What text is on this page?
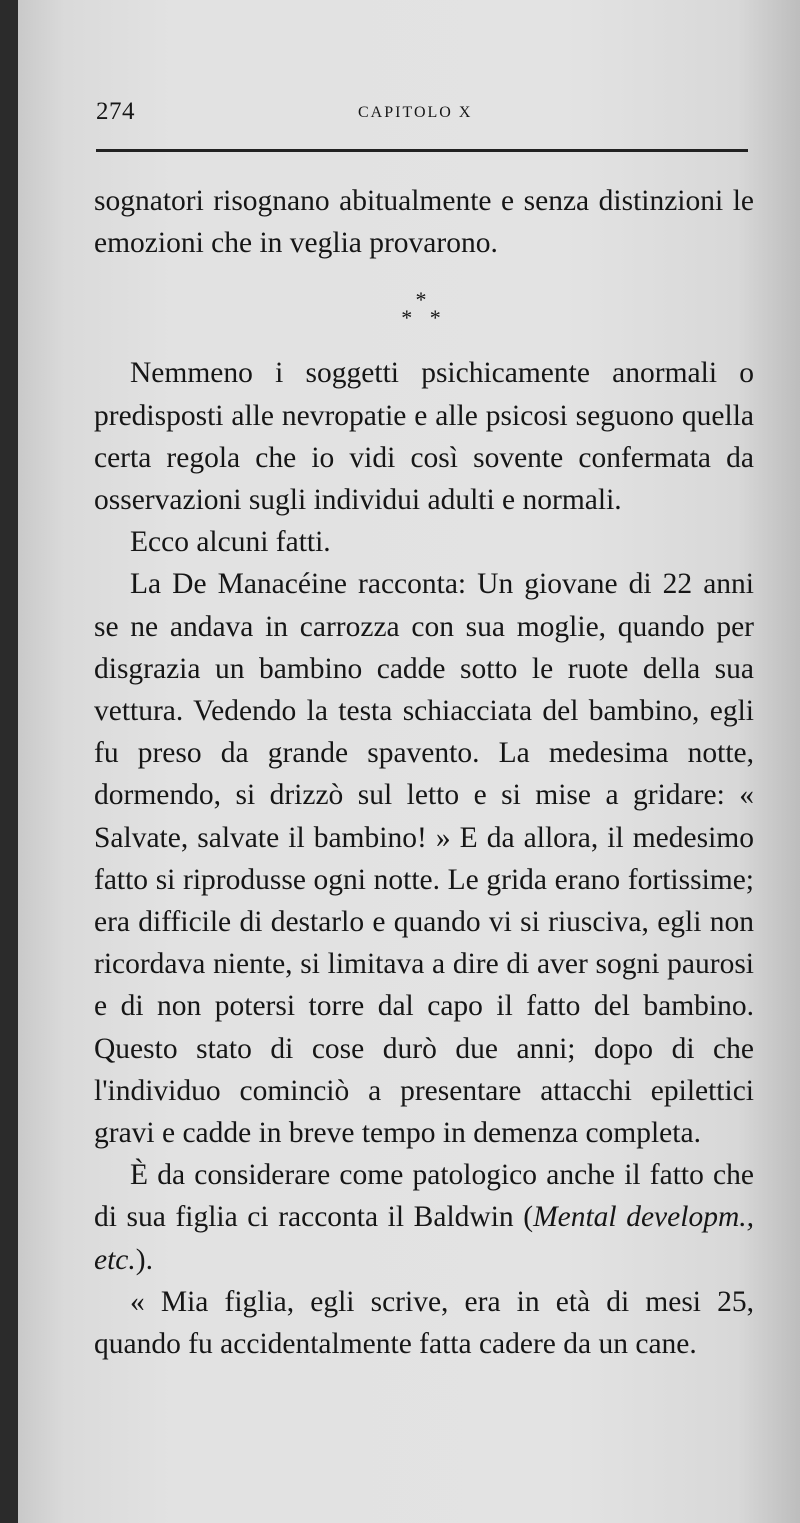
274	CAPITOLO X

sognatori risognano abitualmente e senza distinzioni le emozioni che in veglia provarono.

*
* *

Nemmeno i soggetti psichicamente anormali o predisposti alle nevropatie e alle psicosi seguono quella certa regola che io vidi così sovente confermata da osservazioni sugli individui adulti e normali.

Ecco alcuni fatti.

La De Manacéine racconta: Un giovane di 22 anni se ne andava in carrozza con sua moglie, quando per disgrazia un bambino cadde sotto le ruote della sua vettura. Vedendo la testa schiacciata del bambino, egli fu preso da grande spavento. La medesima notte, dormendo, si drizzò sul letto e si mise a gridare: « Salvate, salvate il bambino! » E da allora, il medesimo fatto si riprodusse ogni notte. Le grida erano fortissime; era difficile di destarlo e quando vi si riusciva, egli non ricordava niente, si limitava a dire di aver sogni paurosi e di non potersi torre dal capo il fatto del bambino. Questo stato di cose durò due anni; dopo di che l'individuo cominciò a presentare attacchi epilettici gravi e cadde in breve tempo in demenza completa.

È da considerare come patologico anche il fatto che di sua figlia ci racconta il Baldwin (Mental developm., etc.).

« Mia figlia, egli scrive, era in età di mesi 25, quando fu accidentalmente fatta cadere da un cane.
